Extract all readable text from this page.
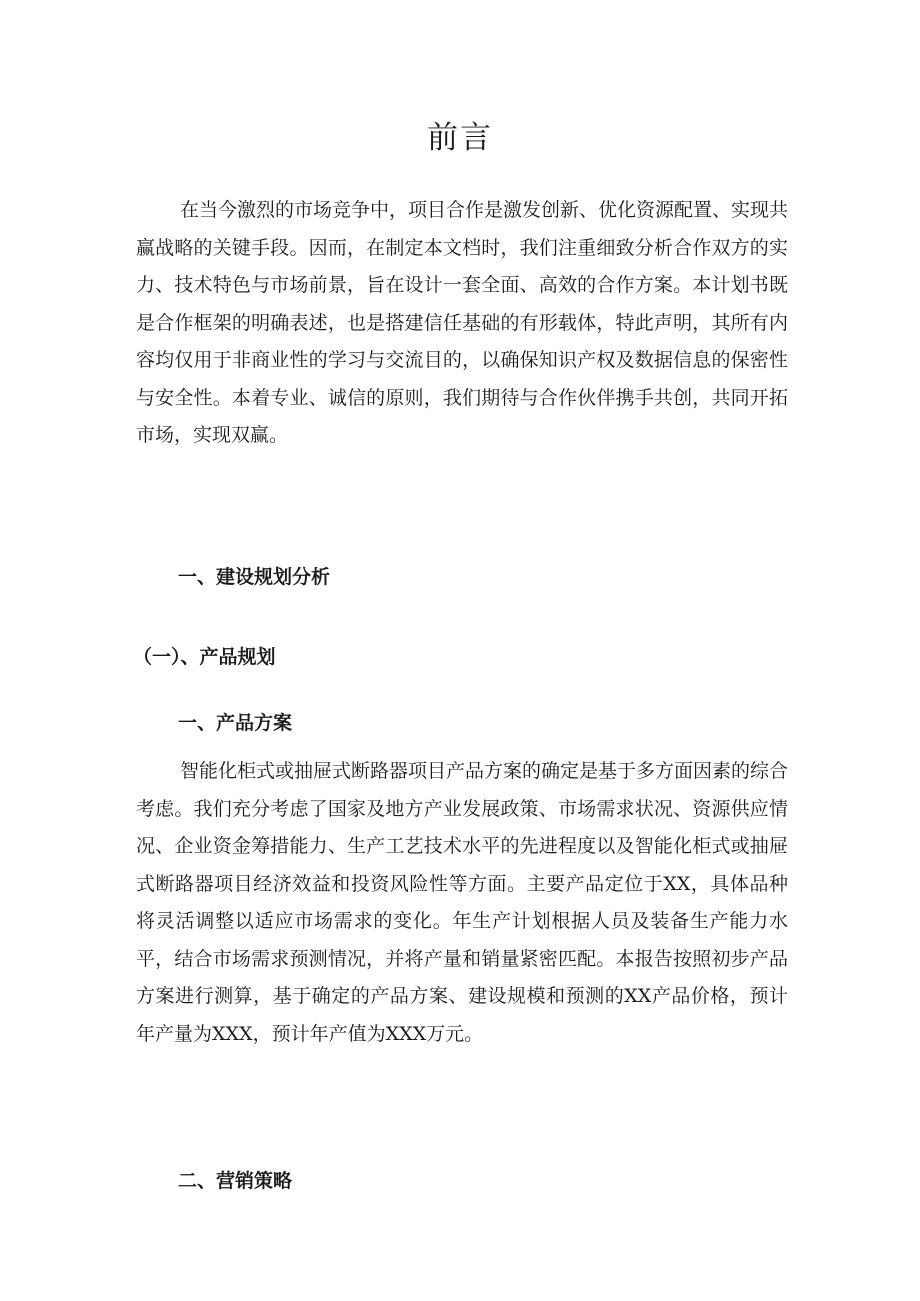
前言

在当今激烈的市场竞争中，项目合作是激发创新、优化资源配置、实现共赢战略的关键手段。因而，在制定本文档时，我们注重细致分析合作双方的实力、技术特色与市场前景，旨在设计一套全面、高效的合作方案。本计划书既是合作框架的明确表述，也是搭建信任基础的有形载体，特此声明，其所有内容均仅用于非商业性的学习与交流目的，以确保知识产权及数据信息的保密性与安全性。本着专业、诚信的原则，我们期待与合作伙伴携手共创，共同开拓市场，实现双赢。

一、建设规划分析
（一）、产品规划
一、产品方案

智能化柜式或抽屉式断路器项目产品方案的确定是基于多方面因素的综合考虑。我们充分考虑了国家及地方产业发展政策、市场需求状况、资源供应情况、企业资金筹措能力、生产工艺技术水平的先进程度以及智能化柜式或抽屉式断路器项目经济效益和投资风险性等方面。主要产品定位于XX，具体品种将灵活调整以适应市场需求的变化。年生产计划根据人员及装备生产能力水平，结合市场需求预测情况，并将产量和销量紧密匹配。本报告按照初步产品方案进行测算，基于确定的产品方案、建设规模和预测的XX产品价格，预计年产量为XXX，预计年产值为XXX万元。

二、营销策略
